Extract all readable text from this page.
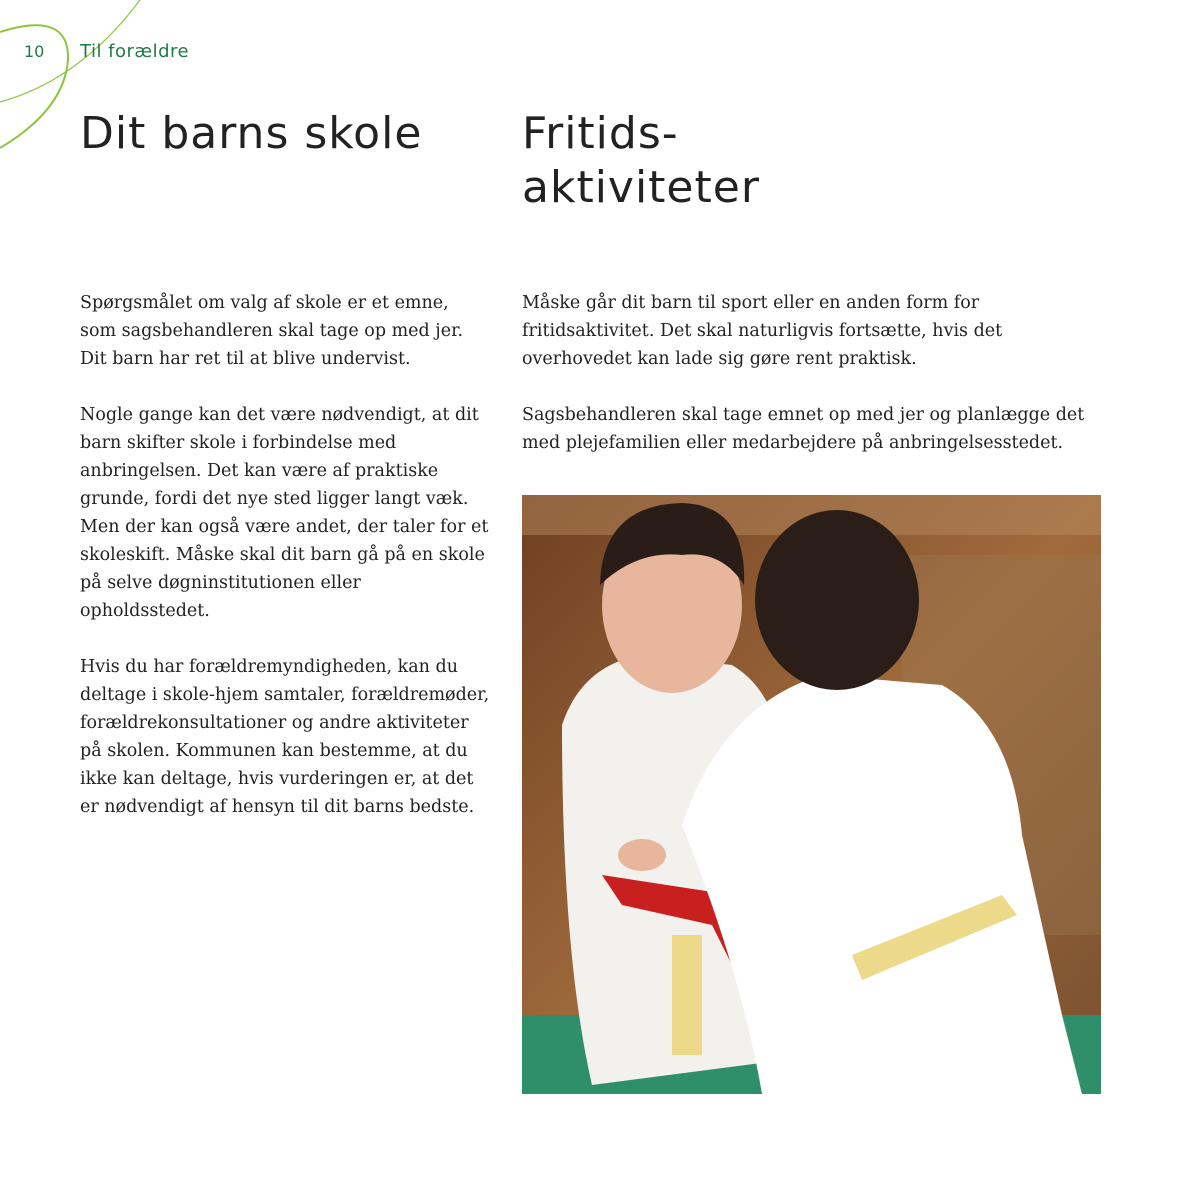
10 Til forældre
Dit barns skole	Fritids-
aktiviteter

Spørgsmålet om valg af skole er et emne, som sagsbehandleren skal tage op med jer. Dit barn har ret til at blive undervist.

Nogle gange kan det være nødvendigt, at dit barn skifter skole i forbindelse med anbringelsen. Det kan være af praktiske grunde, fordi det nye sted ligger langt væk. Men der kan også være andet, der taler for et skoleskift. Måske skal dit barn gå på en skole på selve døgninstitutionen eller opholdsstedet.

Hvis du har forældremyndigheden, kan du deltage i skole-hjem samtaler, forældremøder, forældrekonsultationer og andre aktiviteter på skolen. Kommunen kan bestemme, at du ikke kan deltage, hvis vurderingen er, at det er nødvendigt af hensyn til dit barns bedste.

Måske går dit barn til sport eller en anden form for fritidsaktivitet. Det skal naturligvis fortsætte, hvis det overhovedet kan lade sig gøre rent praktisk.

Sagsbehandleren skal tage emnet op med jer og planlægge det med plejefamilien eller medarbejdere på anbringelsesstedet.
